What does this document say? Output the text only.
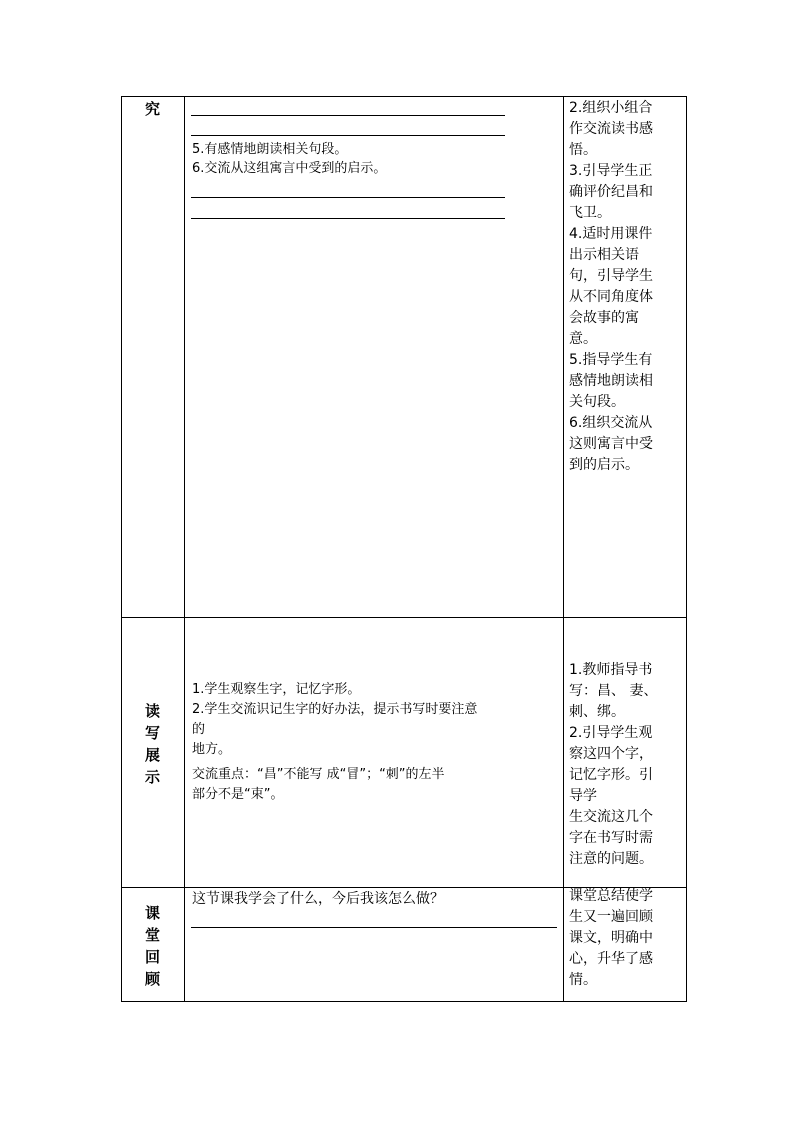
究
5.有感情地朗读相关句段。
6.交流从这组寓言中受到的启示。
2.组织小组合
作交流读书感
悟。
3.引导学生正
确评价纪昌和
飞卫。
4.适时用课件
出示相关语
句，引导学生
从不同角度体
会故事的寓
意。
5.指导学生有
感情地朗读相
关句段。
6.组织交流从
这则寓言中受
到的启示。
读
写
展
示
1.学生观察生字，记忆字形。
2.学生交流识记生字的好办法，提示书写时要注意
的
地方。
交流重点：“昌”不能写 成“冒”；“刺”的左半
部分不是“束”。
1.教师指导书
写：昌、 妻、
刺、绑。
2.引导学生观
察这四个字，
记忆字形。引
导学
生交流这几个
字在书写时需
注意的问题。
课
堂
回
顾
这节课我学会了什么，今后我该怎么做？	课堂总结使学
生又一遍回顾
课文，明确中
心，升华了感
情。
